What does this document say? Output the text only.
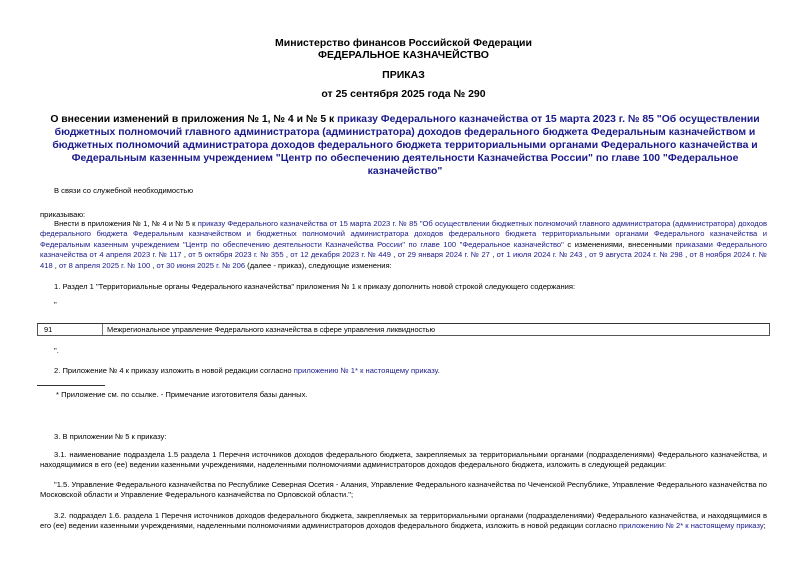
Министерство финансов Российской Федерации
ФЕДЕРАЛЬНОЕ КАЗНАЧЕЙСТВО
ПРИКАЗ
от 25 сентября 2025 года № 290
О внесении изменений в приложения № 1, № 4 и № 5 к приказу Федерального казначейства от 15 марта 2023 г. № 85 "Об осуществлении бюджетных полномочий главного администратора (администратора) доходов федерального бюджета Федеральным казначейством и бюджетных полномочий администратора доходов федерального бюджета территориальными органами Федерального казначейства и Федеральным казенным учреждением "Центр по обеспечению деятельности Казначейства России" по главе 100 "Федеральное казначейство"
В связи со служебной необходимостью
приказываю:
Внести в приложения № 1, № 4 и № 5 к приказу Федерального казначейства от 15 марта 2023 г. № 85 "Об осуществлении бюджетных полномочий главного администратора (администратора) доходов федерального бюджета Федеральным казначейством и бюджетных полномочий администратора доходов федерального бюджета территориальными органами Федерального казначейства и Федеральным казенным учреждением "Центр по обеспечению деятельности Казначейства России" по главе 100 "Федеральное казначейство" с изменениями, внесенными приказами Федерального казначейства от 4 апреля 2023 г. № 117 , от 5 октября 2023 г. № 355 , от 12 декабря 2023 г. № 449 , от 29 января 2024 г. № 27 , от 1 июля 2024 г. № 243 , от 9 августа 2024 г. № 298 , от 8 ноября 2024 г. № 418 , от 8 апреля 2025 г. № 100 , от 30 июня 2025 г. № 206 (далее - приказ), следующие изменения:
1. Раздел 1 "Территориальные органы Федерального казначейства" приложения № 1 к приказу дополнить новой строкой следующего содержания:
"
91	Межрегиональное управление Федерального казначейства в сфере управления ликвидностью
".
2. Приложение № 4 к приказу изложить в новой редакции согласно приложению № 1* к настоящему приказу.
* Приложение см. по ссылке. - Примечание изготовителя базы данных.
3. В приложении № 5 к приказу:
3.1. наименование подраздела 1.5 раздела 1 Перечня источников доходов федерального бюджета, закрепляемых за территориальными органами (подразделениями) Федерального казначейства, и находящимися в его (ее) ведении казенными учреждениями, наделенными полномочиями администраторов доходов федерального бюджета, изложить в следующей редакции:
"1.5. Управление Федерального казначейства по Республике Северная Осетия - Алания, Управление Федерального казначейства по Чеченской Республике, Управление Федерального казначейства по Московской области и Управление Федерального казначейства по Орловской области.";
3.2. подраздел 1.6. раздела 1 Перечня источников доходов федерального бюджета, закрепляемых за территориальными органами (подразделениями) Федерального казначейства, и находящимися в его (ее) ведении казенными учреждениями, наделенными полномочиями администраторов доходов федерального бюджета, изложить в новой редакции согласно приложению № 2* к настоящему приказу;
